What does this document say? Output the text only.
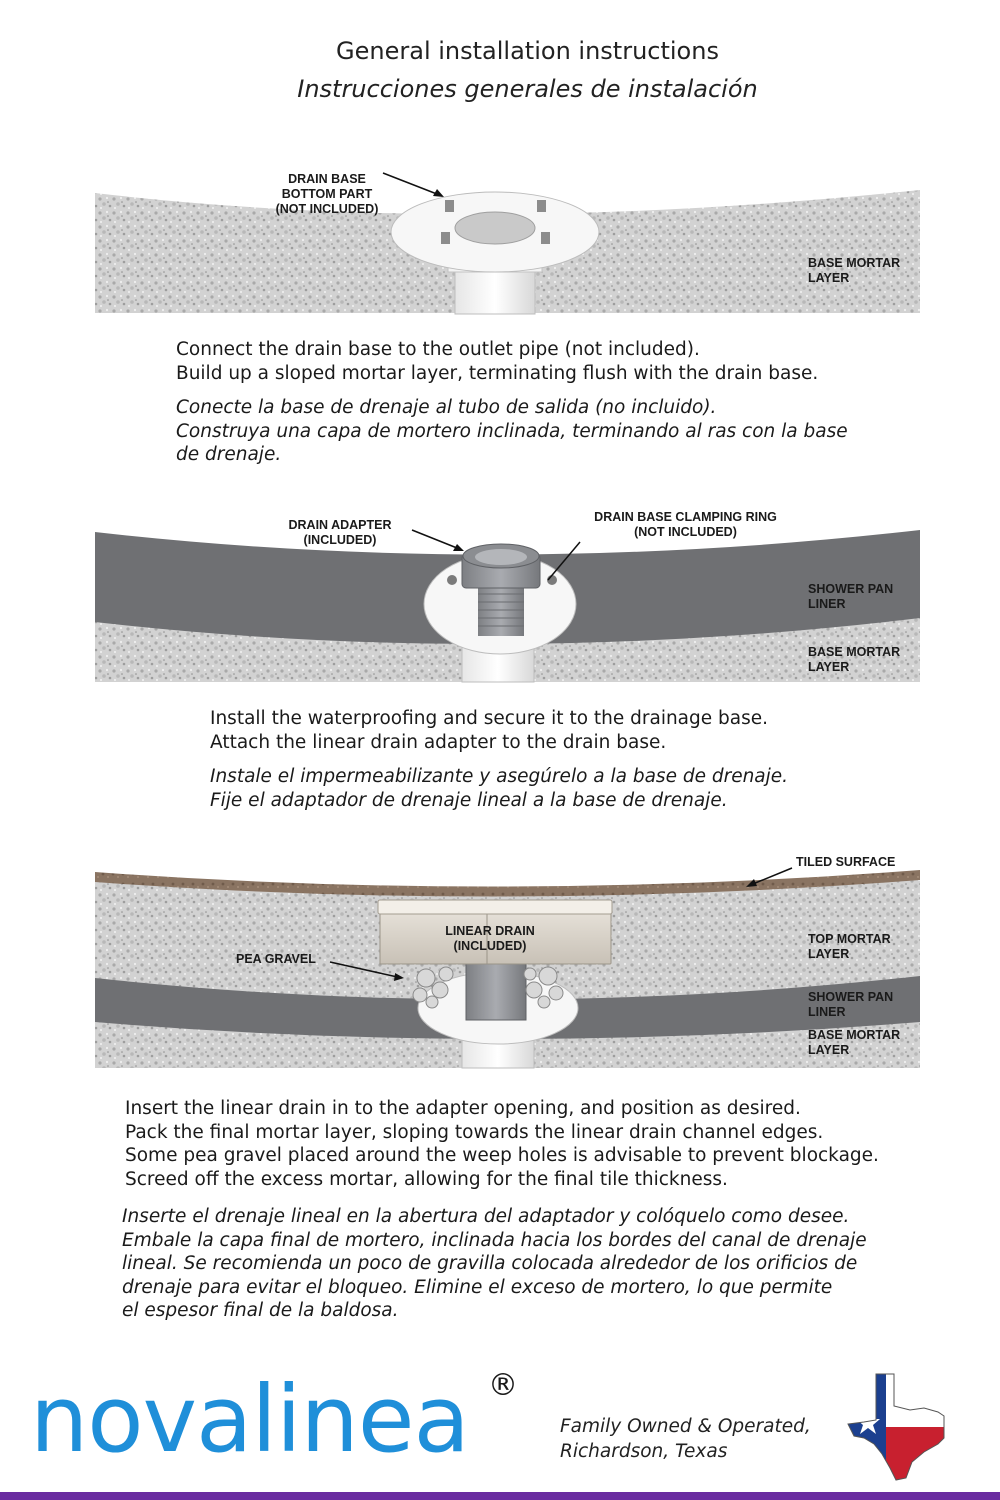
General installation instructions
Instrucciones generales de instalación
DRAIN BASE
BOTTOM PART
(NOT INCLUDED)
BASE MORTAR
LAYER
Connect the drain base to the outlet pipe (not included).
Build up a sloped mortar layer, terminating flush with the drain base.
Conecte la base de drenaje al tubo de salida (no incluido).
Construya una capa de mortero inclinada, terminando al ras con la base
de drenaje.
DRAIN ADAPTER
(INCLUDED)
DRAIN BASE CLAMPING RING
(NOT INCLUDED)
SHOWER PAN
LINER
BASE MORTAR
LAYER
Install the waterproofing and secure it to the drainage base.
Attach the linear drain adapter to the drain base.
Instale el impermeabilizante y asegúrelo a la base de drenaje.
Fije el adaptador de drenaje lineal a la base de drenaje.
TILED SURFACE
LINEAR DRAIN
(INCLUDED)
PEA GRAVEL
TOP MORTAR
LAYER
SHOWER PAN
LINER
BASE MORTAR
LAYER
Insert the linear drain in to the adapter opening, and position as desired.
Pack the final mortar layer, sloping towards the linear drain channel edges.
Some pea gravel placed around the weep holes is advisable to prevent blockage.
Screed off the excess mortar, allowing for the final tile thickness.
Inserte el drenaje lineal en la abertura del adaptador y colóquelo como desee.
Embale la capa final de mortero, inclinada hacia los bordes del canal de drenaje
lineal. Se recomienda un poco de gravilla colocada alrededor de los orificios de
drenaje para evitar el bloqueo. Elimine el exceso de mortero, lo que permite
el espesor final de la baldosa.
novalinea ®
Family Owned & Operated,
Richardson, Texas
